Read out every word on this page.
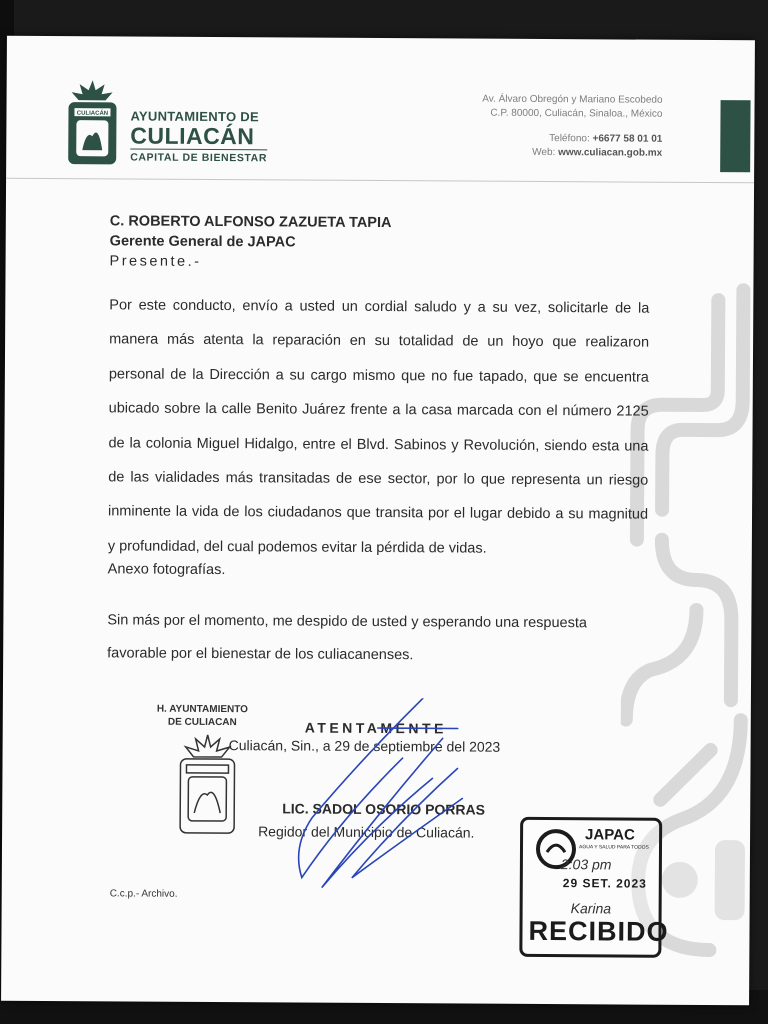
CULIACÁN AYUNTAMIENTO DE
CULIACÁN
CAPITAL DE BIENESTAR
Av. Álvaro Obregón y Mariano Escobedo
C.P. 80000, Culiacán, Sinaloa., México
Teléfono: +6677 58 01 01
Web: www.culiacan.gob.mx
C. ROBERTO ALFONSO ZAZUETA TAPIA
Gerente General de JAPAC
Presente.-
Por este conducto, envío a usted un cordial saludo y a su vez, solicitarle de la manera más atenta la reparación en su totalidad de un hoyo que realizaron personal de la Dirección a su cargo mismo que no fue tapado, que se encuentra ubicado sobre la calle Benito Juárez frente a la casa marcada con el número 2125 de la colonia Miguel Hidalgo, entre el Blvd. Sabinos y Revolución, siendo esta una de las vialidades más transitadas de ese sector, por lo que representa un riesgo inminente la vida de los ciudadanos que transita por el lugar debido a su magnitud y profundidad, del cual podemos evitar la pérdida de vidas.
Anexo fotografías.
Sin más por el momento, me despido de usted y esperando una respuesta favorable por el bienestar de los culiacanenses.
H. AYUNTAMIENTO
DE CULIACAN	ATENTAMENTE
Culiacán, Sin., a 29 de septiembre del 2023
LIC. SADOL OSORIO PORRAS
Regidor del Municipio de Culiacán.
C.c.p.- Archivo.
JAPAC
AGUA Y SALUD PARA TODOS
2:03 pm
29 SET. 2023
Karina
RECIBIDO
